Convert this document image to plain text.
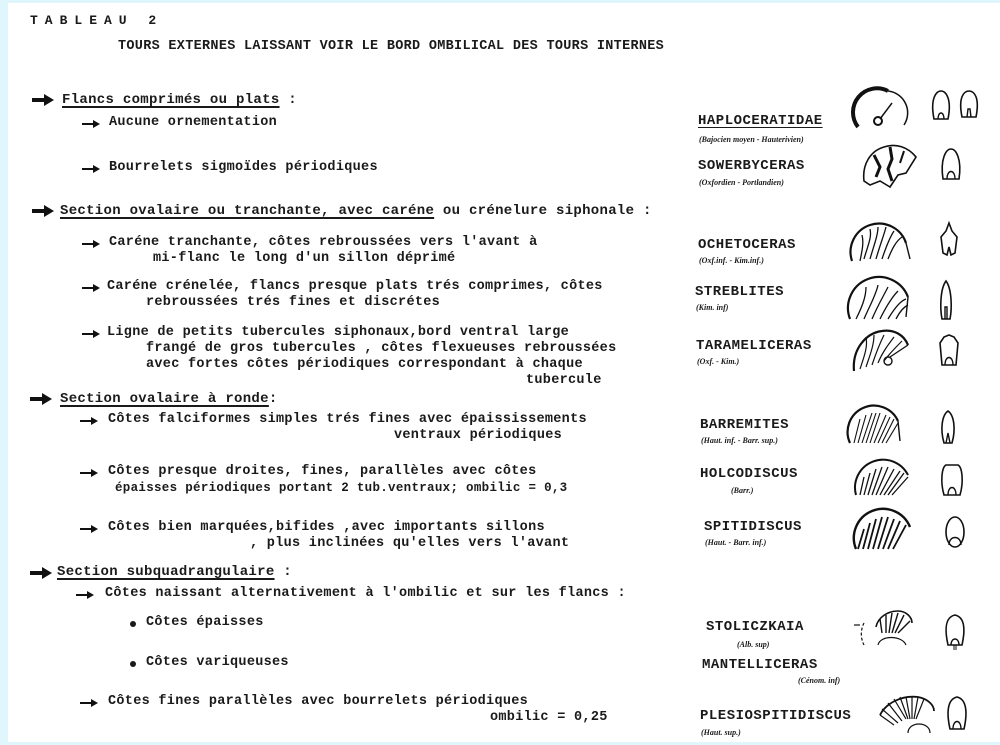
TABLEAU 2
TOURS EXTERNES LAISSANT VOIR LE BORD OMBILICAL DES TOURS INTERNES
Flancs comprimés ou plats :
Aucune ornementation	HAPLOCERATIDAE
(Bajocien moyen - Hauterivien)
Bourrelets sigmoïdes périodiques	SOWERBYCERAS
(Oxfordien - Portlandien)
Section ovalaire ou tranchante, avec caréne ou crénelure siphonale :
Caréne tranchante, côtes rebroussées vers l'avant à
mi-flanc le long d'un sillon déprimé
OCHETOCERAS
(Oxf.inf. - Kim.inf.)
Caréne crénelée, flancs presque plats trés comprimes, côtes
rebroussées trés fines et discrétes
STREBLITES
(Kim. inf)
Ligne de petits tubercules siphonaux,bord ventral large
frangé de gros tubercules , côtes flexueuses rebroussées
avec fortes côtes périodiques correspondant à chaque
tubercule
TARAMELICERAS
(Oxf. - Kim.)
Section ovalaire à ronde:
Côtes falciformes simples trés fines avec épaississements
ventraux périodiques
BARREMITES
(Haut. inf. - Barr. sup.)
Côtes presque droites, fines, parallèles avec côtes
épaisses périodiques portant 2 tub.ventraux; ombilic = 0,3
HOLCODISCUS
(Barr.)
Côtes bien marquées,bifides ,avec importants sillons
, plus inclinées qu'elles vers l'avant
SPITIDISCUS
(Haut. - Barr. inf.)
Section subquadrangulaire :
Côtes naissant alternativement à l'ombilic et sur les flancs :
Côtes épaisses	STOLICZKAIA
(Alb. sup)
Côtes variqueuses	MANTELLICERAS
(Cénom. inf)
Côtes fines parallèles avec bourrelets périodiques
ombilic = 0,25	PLESIOSPITIDISCUS
(Haut. sup.)
